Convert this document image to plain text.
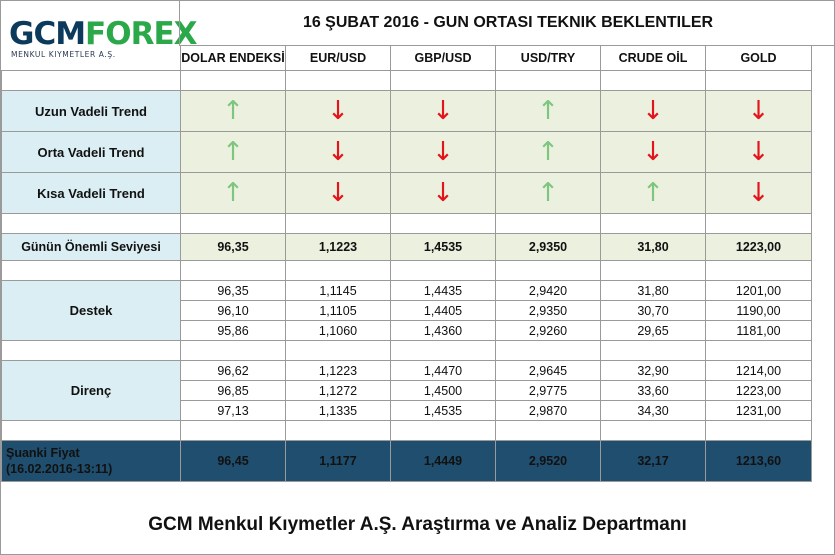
GCMFOREX
MENKUL KIYMETLER A.Ş.
16 ŞUBAT 2016 - GUN ORTASI TEKNIK BEKLENTILER
	DOLAR ENDEKSİ	EUR/USD	GBP/USD	USD/TRY	CRUDE OİL	GOLD

Uzun Vadeli Trend	↑	↓	↓	↑	↓	↓
Orta Vadeli Trend	↑	↓	↓	↑	↓	↓
Kısa Vadeli Trend	↑	↓	↓	↑	↑	↓

Günün Önemli Seviyesi	96,35	1,1223	1,4535	2,9350	31,80	1223,00

Destek	96,35	1,1145	1,4435	2,9420	31,80	1201,00
	96,10	1,1105	1,4405	2,9350	30,70	1190,00
	95,86	1,1060	1,4360	2,9260	29,65	1181,00

Direnç	96,62	1,1223	1,4470	2,9645	32,90	1214,00
	96,85	1,1272	1,4500	2,9775	33,60	1223,00
	97,13	1,1335	1,4535	2,9870	34,30	1231,00

Şuanki Fiyat
(16.02.2016-13:11)	96,45	1,1177	1,4449	2,9520	32,17	1213,60
GCM Menkul Kıymetler A.Ş. Araştırma ve Analiz Departmanı
